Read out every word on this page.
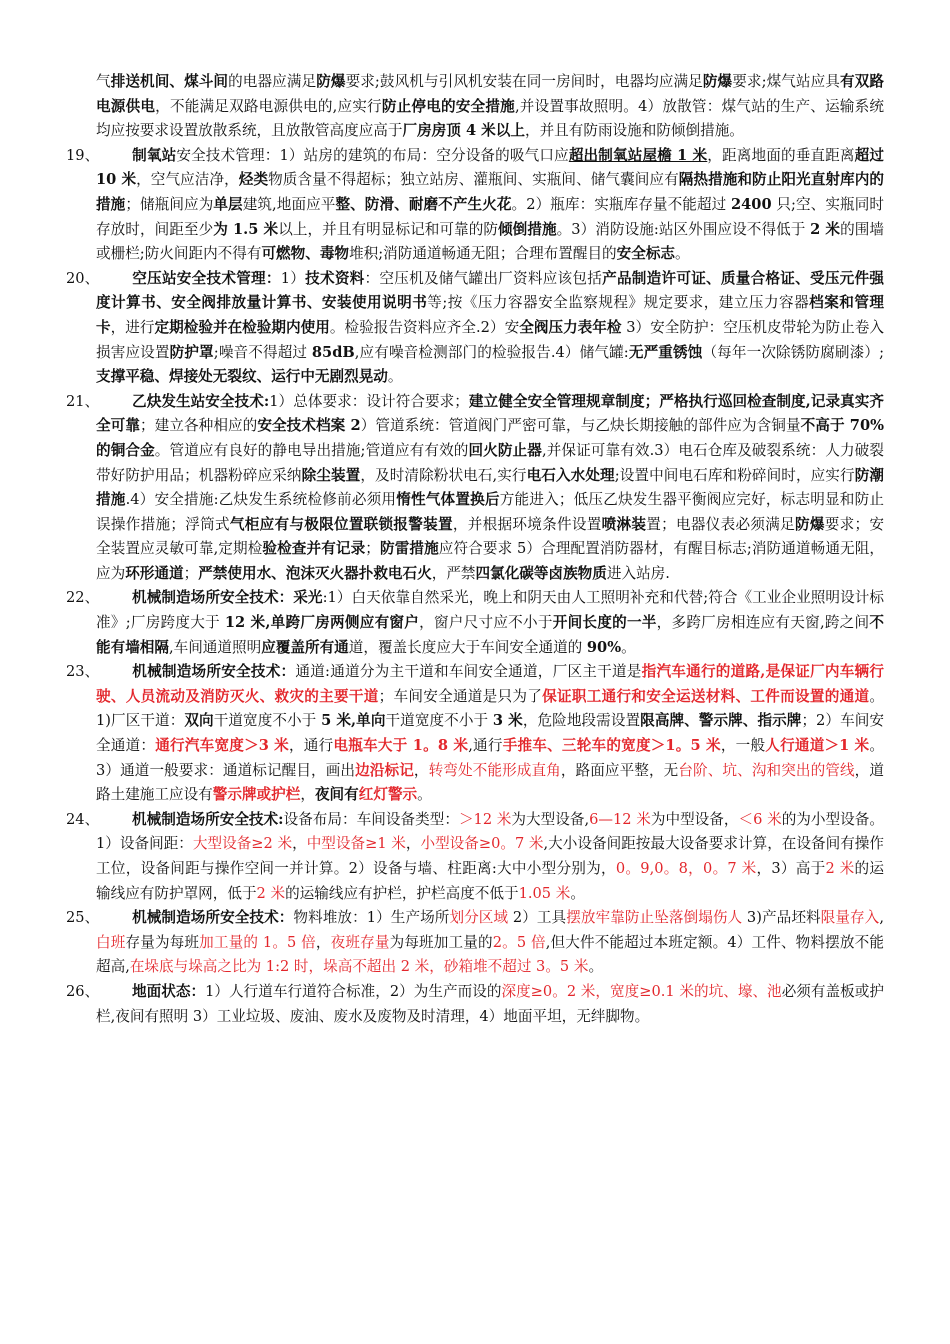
气排送机间、煤斗间的电器应满足防爆要求;鼓风机与引风机安装在同一房间时，电器均应满足防爆要求;煤气站应具有双路电源供电，不能满足双路电源供电的,应实行防止停电的安全措施,并设置事故照明。4）放散管：煤气站的生产、运输系统均应按要求设置放散系统，且放散管高度应高于厂房房顶 4 米以上，并且有防雨设施和防倾倒措施。

19、 制氧站安全技术管理：1）站房的建筑的布局：空分设备的吸气口应超出制氧站屋檐 1 米，距离地面的垂直距离超过 10 米，空气应洁净，烃类物质含量不得超标；独立站房、灌瓶间、实瓶间、储气囊间应有隔热措施和防止阳光直射库内的措施；储瓶间应为单层建筑,地面应平整、防滑、耐磨不产生火花。2）瓶库：实瓶库存量不能超过 2400 只;空、实瓶同时存放时，间距至少为 1.5 米以上，并且有明显标记和可靠的防倾倒措施。3）消防设施:站区外围应设不得低于 2 米的围墙或栅栏;防火间距内不得有可燃物、毒物堆积;消防通道畅通无阻；合理布置醒目的安全标志。

20、 空压站安全技术管理：1）技术资料：空压机及储气罐出厂资料应该包括产品制造许可证、质量合格证、受压元件强度计算书、安全阀排放量计算书、安装使用说明书等;按《压力容器安全监察规程》规定要求，建立压力容器档案和管理卡，进行定期检验并在检验期内使用。检验报告资料应齐全.2）安全阀压力表年检 3）安全防护：空压机皮带轮为防止卷入损害应设置防护罩;噪音不得超过 85dB,应有噪音检测部门的检验报告.4）储气罐:无严重锈蚀（每年一次除锈防腐刷漆）;支撑平稳、焊接处无裂纹、运行中无剧烈晃动。

21、 乙炔发生站安全技术:1）总体要求：设计符合要求；建立健全安全管理规章制度；严格执行巡回检查制度,记录真实齐全可靠；建立各种相应的安全技术档案 2）管道系统：管道阀门严密可靠，与乙炔长期接触的部件应为含铜量不高于 70%的铜合金。管道应有良好的静电导出措施;管道应有有效的回火防止器,并保证可靠有效.3）电石仓库及破裂系统：人力破裂带好防护用品；机器粉碎应采纳除尘装置，及时清除粉状电石,实行电石入水处理;设置中间电石库和粉碎间时，应实行防潮措施.4）安全措施:乙炔发生系统检修前必须用惰性气体置换后方能进入；低压乙炔发生器平衡阀应完好，标志明显和防止误操作措施；浮筒式气柜应有与极限位置联锁报警装置，并根据环境条件设置喷淋装置；电器仪表必须满足防爆要求；安全装置应灵敏可靠,定期检验检查并有记录；防雷措施应符合要求 5）合理配置消防器材，有醒目标志;消防通道畅通无阻，应为环形通道；严禁使用水、泡沫灭火器扑救电石火，严禁四氯化碳等卤族物质进入站房.

22、 机械制造场所安全技术：采光:1）白天依靠自然采光，晚上和阴天由人工照明补充和代替;符合《工业企业照明设计标准》;厂房跨度大于 12 米,单跨厂房两侧应有窗户，窗户尺寸应不小于开间长度的一半，多跨厂房相连应有天窗,跨之间不能有墙相隔,车间通道照明应覆盖所有通道，覆盖长度应大于车间安全通道的 90%。

23、 机械制造场所安全技术：通道:通道分为主干道和车间安全通道，厂区主干道是指汽车通行的道路,是保证厂内车辆行驶、人员流动及消防灭火、救灾的主要干道；车间安全通道是只为了保证职工通行和安全运送材料、工件而设置的通道。1)厂区干道：双向干道宽度不小于 5 米,单向干道宽度不小于 3 米，危险地段需设置限高牌、警示牌、指示牌；2）车间安全通道：通行汽车宽度＞3 米，通行电瓶车大于 1。8 米,通行手推车、三轮车的宽度＞1。5 米，一般人行通道＞1 米。3）通道一般要求：通道标记醒目，画出边沿标记，转弯处不能形成直角，路面应平整，无台阶、坑、沟和突出的管线，道路土建施工应设有警示牌或护栏，夜间有红灯警示。

24、 机械制造场所安全技术:设备布局：车间设备类型：＞12 米为大型设备,6—12 米为中型设备，＜6 米的为小型设备。1）设备间距：大型设备≥2 米，中型设备≥1 米，小型设备≥0。7 米,大小设备间距按最大设备要求计算，在设备间有操作工位，设备间距与操作空间一并计算。2）设备与墙、柱距离:大中小型分别为，0。9,0。8，0。7 米，3）高于2 米的运输线应有防护罩网，低于2 米的运输线应有护栏，护栏高度不低于1.05 米。

25、 机械制造场所安全技术：物料堆放：1）生产场所划分区域 2）工具摆放牢靠防止坠落倒塌伤人 3)产品坯料限量存入,白班存量为每班加工量的 1。5 倍，夜班存量为每班加工量的2。5 倍,但大件不能超过本班定额。4）工件、物料摆放不能超高,在垛底与垛高之比为 1:2 时，垛高不超出 2 米，砂箱堆不超过 3。5 米。

26、 地面状态：1）人行道车行道符合标准，2）为生产而设的深度≥0。2 米，宽度≥0.1 米的坑、壕、池必须有盖板或护栏,夜间有照明 3）工业垃圾、废油、废水及废物及时清理，4）地面平坦，无绊脚物。
